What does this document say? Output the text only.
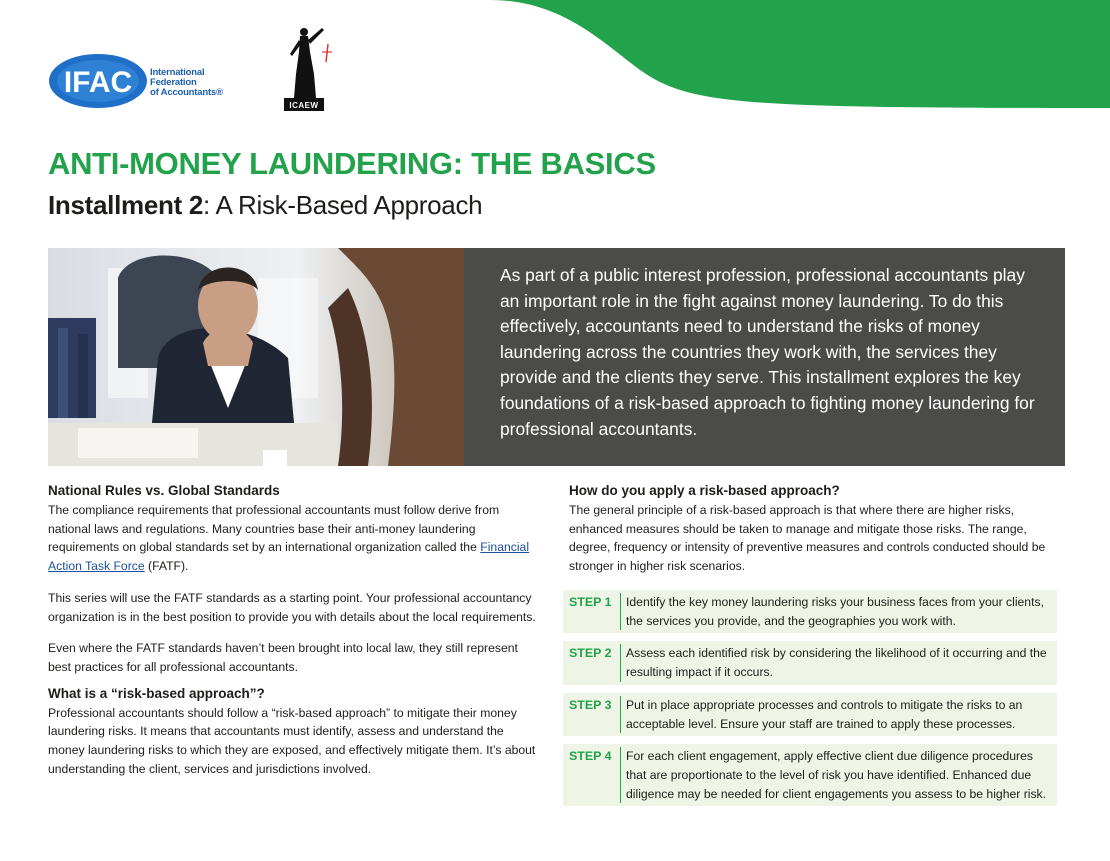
IFAC International
Federation
of Accountants®
ICAEW
ANTI-MONEY LAUNDERING: THE BASICS
Installment 2: A Risk-Based Approach

As part of a public interest profession, professional accountants play an important role in the fight against money laundering. To do this effectively, accountants need to understand the risks of money laundering across the countries they work with, the services they provide and the clients they serve. This installment explores the key foundations of a risk-based approach to fighting money laundering for professional accountants.

National Rules vs. Global Standards

The compliance requirements that professional accountants must follow derive from national laws and regulations. Many countries base their anti-money laundering requirements on global standards set by an international organization called the Financial Action Task Force (FATF).

This series will use the FATF standards as a starting point. Your professional accountancy organization is in the best position to provide you with details about the local requirements.

Even where the FATF standards haven’t been brought into local law, they still represent best practices for all professional accountants.

What is a “risk-based approach”?

Professional accountants should follow a “risk-based approach” to mitigate their money laundering risks. It means that accountants must identify, assess and understand the money laundering risks to which they are exposed, and effectively mitigate them. It’s about understanding the client, services and jurisdictions involved.

How do you apply a risk-based approach?

The general principle of a risk-based approach is that where there are higher risks, enhanced measures should be taken to manage and mitigate those risks. The range, degree, frequency or intensity of preventive measures and controls conducted should be stronger in higher risk scenarios.

STEP 1	Identify the key money laundering risks your business faces from your clients, the services you provide, and the geographies you work with.
STEP 2	Assess each identified risk by considering the likelihood of it occurring and the resulting impact if it occurs.
STEP 3	Put in place appropriate processes and controls to mitigate the risks to an acceptable level. Ensure your staff are trained to apply these processes.
STEP 4	For each client engagement, apply effective client due diligence procedures that are proportionate to the level of risk you have identified. Enhanced due diligence may be needed for client engagements you assess to be higher risk.
